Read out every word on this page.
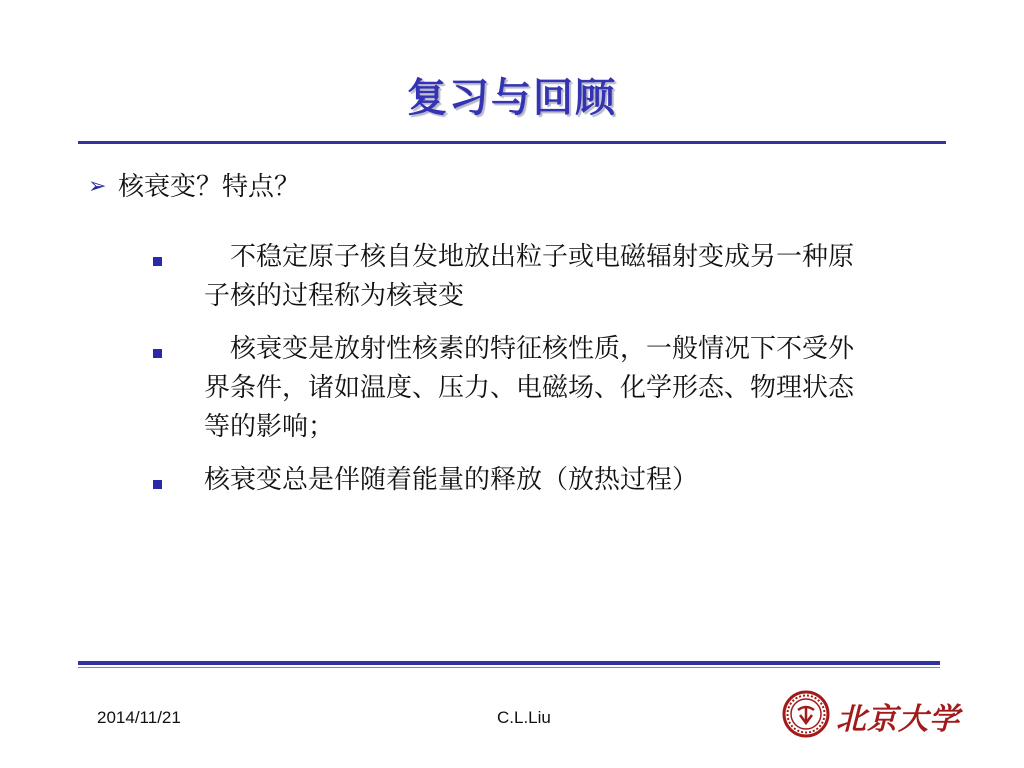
复习与回顾
➢ 核衰变？特点？
　不稳定原子核自发地放出粒子或电磁辐射变成另一种原子核的过程称为核衰变
　核衰变是放射性核素的特征核性质，一般情况下不受外界条件，诸如温度、压力、电磁场、化学形态、物理状态等的影响；
核衰变总是伴随着能量的释放（放热过程）
2014/11/21	C.L.Liu	北京大学
